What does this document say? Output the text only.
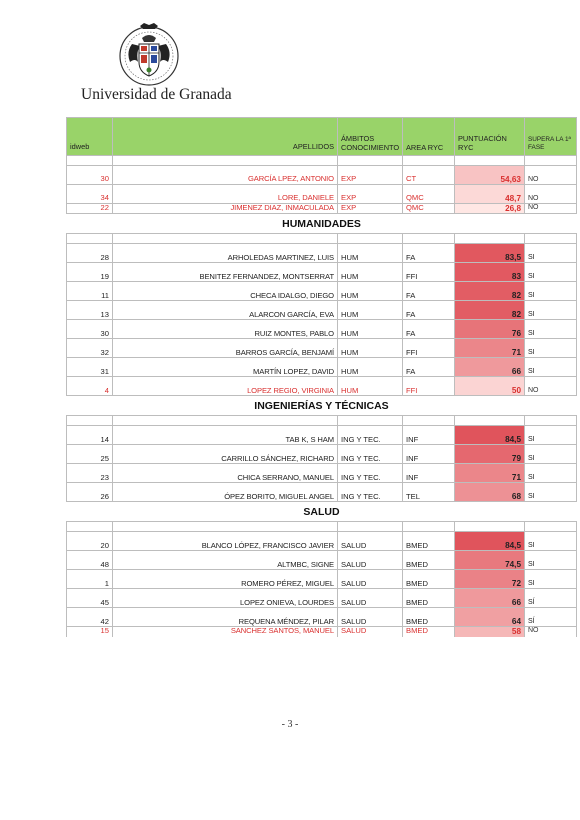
Universidad de Granada
idweb	APELLIDOS	ÁMBITOS CONOCIMIENTO	AREA RYC	PUNTUACIÓN RYC	SUPERA LA 1ª FASE

30	GARCÍA LPEZ, ANTONIO	EXP	CT	54,63	NO
34	LORE, DANIELE	EXP	QMC	48,7	NO
22	JIMENEZ DIAZ, INMACULADA	EXP	QMC	26,8	NO
HUMANIDADES					

28	ARHOLEDAS MARTINEZ, LUIS	HUM	FA	83,5	SI
19	BENITEZ FERNANDEZ, MONTSERRAT	HUM	FFI	83	SI
11	CHECA IDALGO, DIEGO	HUM	FA	82	SI
13	ALARCON GARCÍA, EVA	HUM	FA	82	SI
30	RUIZ MONTES, PABLO	HUM	FA	76	SI
32	BARROS GARCÍA, BENJAMÍ	HUM	FFI	71	SI
31	MARTÍN LOPEZ, DAVID	HUM	FA	66	SI
4	LOPEZ REGIO, VIRGINIA	HUM	FFI	50	NO
INGENIERÍAS Y TÉCNICAS					

14	TAB K, S HAM	ING Y TEC.	INF	84,5	SI
25	CARRILLO SÁNCHEZ, RICHARD	ING Y TEC.	INF	79	SI
23	CHICA SERRANO, MANUEL	ING Y TEC.	INF	71	SI
26	ÓPEZ BORITO, MIGUEL ANGEL	ING Y TEC.	TEL	68	SI
SALUD					

20	BLANCO LÓPEZ, FRANCISCO JAVIER	SALUD	BMED	84,5	SI
48	ALTMBC, SIGNE	SALUD	BMED	74,5	SI
1	ROMERO PÉREZ, MIGUEL	SALUD	BMED	72	SI
45	LOPEZ ONIEVA, LOURDES	SALUD	BMED	66	SÍ
42	REQUENA MÉNDEZ, PILAR	SALUD	BMED	64	SÍ
15	SANCHEZ SANTOS, MANUEL	SALUD	BMED	58	NO
- 3 -
